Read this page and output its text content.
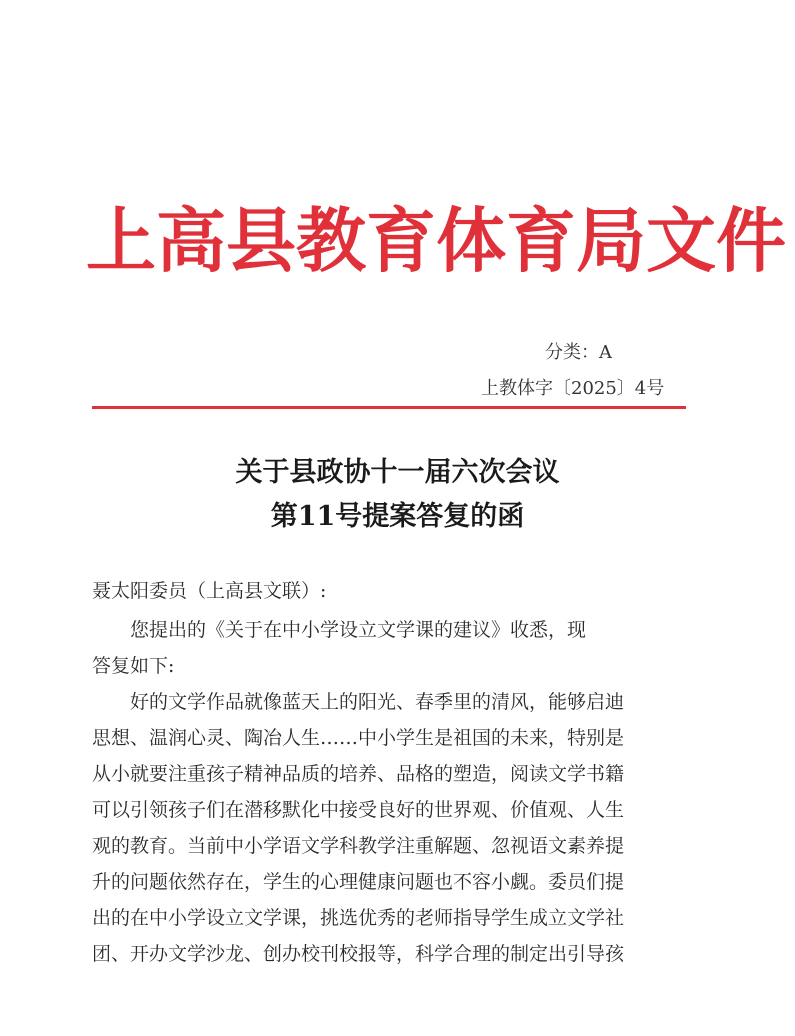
上高县教育体育局文件
分类：A
上教体字〔2025〕4号
关于县政协十一届六次会议
第11号提案答复的函
聂太阳委员（上高县文联）:
　　您提出的《关于在中小学设立文学课的建议》收悉，现
答复如下:
　　好的文学作品就像蓝天上的阳光、春季里的清风，能够启迪
思想、温润心灵、陶冶人生……中小学生是祖国的未来，特别是
从小就要注重孩子精神品质的培养、品格的塑造，阅读文学书籍
可以引领孩子们在潜移默化中接受良好的世界观、价值观、人生
观的教育。当前中小学语文学科教学注重解题、忽视语文素养提
升的问题依然存在，学生的心理健康问题也不容小觑。委员们提
出的在中小学设立文学课，挑选优秀的老师指导学生成立文学社
团、开办文学沙龙、创办校刊校报等，科学合理的制定出引导孩
